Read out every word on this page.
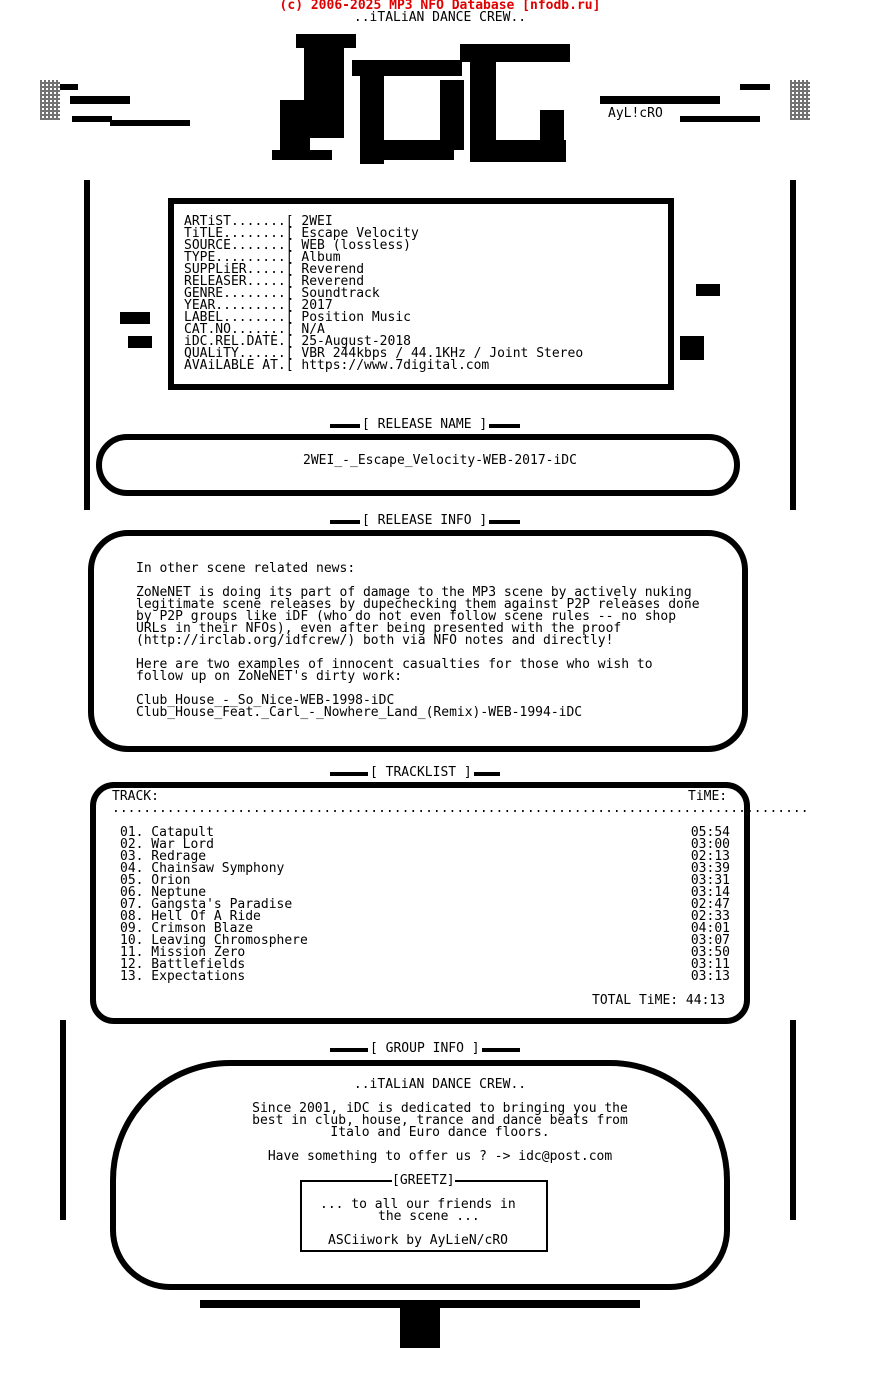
(c) 2006-2025 MP3 NFO Database [nfodb.ru]
..iTALiAN DANCE CREW..
AyL!cRO
ARTiST.......[ 2WEI
TiTLE........[ Escape Velocity
SOURCE.......[ WEB (lossless)
TYPE.........[ Album
SUPPLiER.....[ Reverend
RELEASER.....[ Reverend
GENRE........[ Soundtrack
YEAR.........[ 2017
LABEL........[ Position Music
CAT.NO.......[ N/A
iDC.REL.DATE.[ 25-August-2018
QUALiTY......[ VBR 244kbps / 44.1KHz / Joint Stereo
AVAiLABLE AT.[ https://www.7digital.com
[ RELEASE NAME ]
2WEI_-_Escape_Velocity-WEB-2017-iDC
[ RELEASE INFO ]
In other scene related news:
ZoNeNET is doing its part of damage to the MP3 scene by actively nuking
legitimate scene releases by dupechecking them against P2P releases done
by P2P groups like iDF (who do not even follow scene rules -- no shop
URLs in their NFOs), even after being presented with the proof
(http://irclab.org/idfcrew/) both via NFO notes and directly!
Here are two examples of innocent casualties for those who wish to
follow up on ZoNeNET's dirty work:
Club_House_-_So_Nice-WEB-1998-iDC
Club_House_Feat._Carl_-_Nowhere_Land_(Remix)-WEB-1994-iDC
[ TRACKLIST ]
TRACK:	TiME:
.........................................................................................
01. Catapult	05:54
02. War Lord	03:00
03. Redrage	02:13
04. Chainsaw Symphony	03:39
05. Orion	03:31
06. Neptune	03:14
07. Gangsta's Paradise	02:47
08. Hell Of A Ride	02:33
09. Crimson Blaze	04:01
10. Leaving Chromosphere	03:07
11. Mission Zero	03:50
12. Battlefields	03:11
13. Expectations	03:13
TOTAL TiME: 44:13
[ GROUP INFO ]
..iTALiAN DANCE CREW..
Since 2001, iDC is dedicated to bringing you the
best in club, house, trance and dance beats from
Italo and Euro dance floors.
Have something to offer us ? -> idc@post.com
[GREETZ]
... to all our friends in
the scene ...
ASCiiwork by AyLieN/cRO
